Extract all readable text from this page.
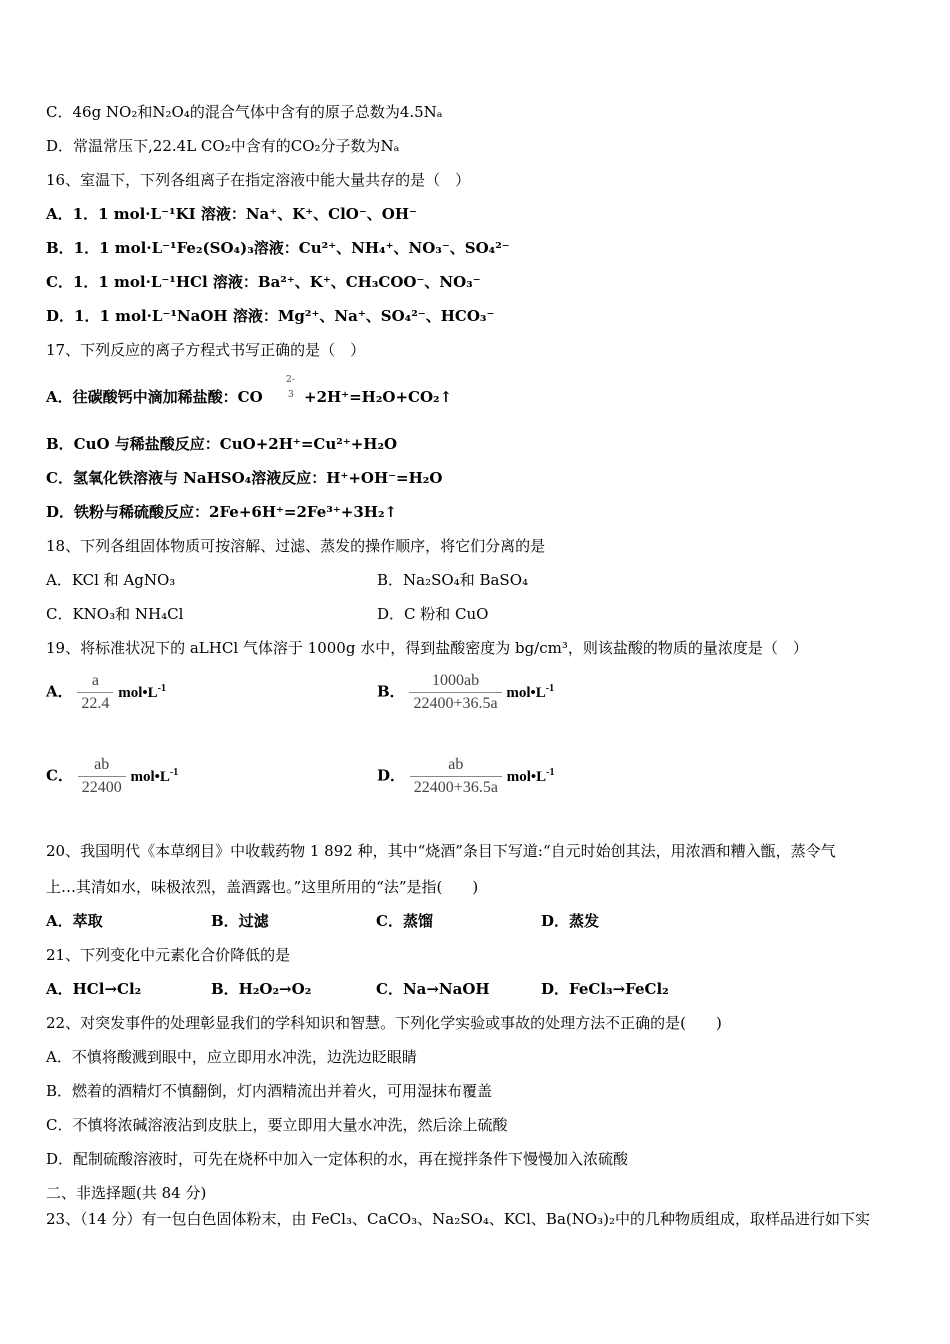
C．46g NO₂和N₂O₄的混合气体中含有的原子总数为4.5Nₐ
D．常温常压下,22.4L CO₂中含有的CO₂分子数为Nₐ
16、室温下，下列各组离子在指定溶液中能大量共存的是（　）
A．1．1 mol·L⁻¹KI 溶液：Na⁺、K⁺、ClO⁻、OH⁻
B．1．1 mol·L⁻¹Fe₂(SO₄)₃溶液：Cu²⁺、NH₄⁺、NO₃⁻、SO₄²⁻
C．1．1 mol·L⁻¹HCl 溶液：Ba²⁺、K⁺、CH₃COO⁻、NO₃⁻
D．1．1 mol·L⁻¹NaOH 溶液：Mg²⁺、Na⁺、SO₄²⁻、HCO₃⁻
17、下列反应的离子方程式书写正确的是（　）
A．往碳酸钙中滴加稀盐酸：CO
2-
3 +2H⁺=H₂O+CO₂↑
B．CuO 与稀盐酸反应：CuO+2H⁺=Cu²⁺+H₂O
C．氢氧化铁溶液与 NaHSO₄溶液反应：H⁺+OH⁻=H₂O
D．铁粉与稀硫酸反应：2Fe+6H⁺=2Fe³⁺+3H₂↑
18、下列各组固体物质可按溶解、过滤、蒸发的操作顺序，将它们分离的是
A．KCl 和 AgNO₃	B．Na₂SO₄和 BaSO₄
C．KNO₃和 NH₄Cl	D．C 粉和 CuO
19、将标准状况下的 aLHCl 气体溶于 1000g 水中，得到盐酸密度为 bg/cm³，则该盐酸的物质的量浓度是（　）
A． $\frac{a}{22.4}$ $mol•L^{-1}$	B． $\frac{1000ab}{22400+36.5a}$ $mol•L^{-1}$
C． $\frac{ab}{22400}$ $mol•L^{-1}$	D． $\frac{ab}{22400+36.5a}$ $mol•L^{-1}$
20、我国明代《本草纲目》中收载药物 1 892 种，其中“烧酒”条目下写道:“自元时始创其法，用浓酒和糟入甑，蒸令气
上…其清如水，味极浓烈，盖酒露也。”这里所用的“法”是指(　　)
A．萃取	B．过滤	C．蒸馏	D．蒸发
21、下列变化中元素化合价降低的是
A．HCl→Cl₂	B．H₂O₂→O₂	C．Na→NaOH	D．FeCl₃→FeCl₂
22、对突发事件的处理彰显我们的学科知识和智慧。下列化学实验或事故的处理方法不正确的是(　　)
A．不慎将酸溅到眼中，应立即用水冲洗，边洗边眨眼睛
B．燃着的酒精灯不慎翻倒，灯内酒精流出并着火，可用湿抹布覆盖
C．不慎将浓碱溶液沾到皮肤上，要立即用大量水冲洗，然后涂上硫酸
D．配制硫酸溶液时，可先在烧杯中加入一定体积的水，再在搅拌条件下慢慢加入浓硫酸
二、非选择题(共 84 分)
23、（14 分）有一包白色固体粉末，由 FeCl₃、CaCO₃、Na₂SO₄、KCl、Ba(NO₃)₂中的几种物质组成，取样品进行如下实
